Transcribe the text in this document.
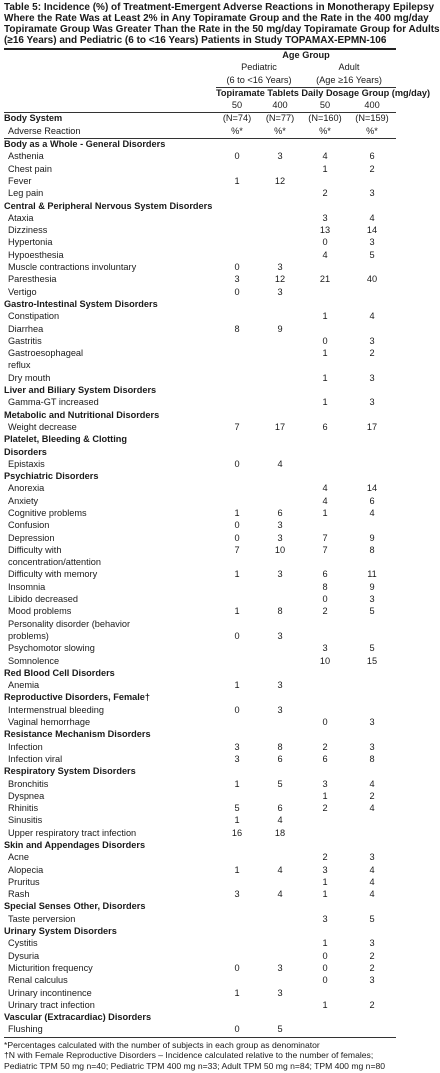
Table 5: Incidence (%) of Treatment-Emergent Adverse Reactions in Monotherapy Epilepsy
Where the Rate Was at Least 2% in Any Topiramate Group and the Rate in the 400 mg/day
Topiramate Group Was Greater Than the Rate in the 50 mg/day Topiramate Group for Adults
(≥16 Years) and Pediatric (6 to <16 Years) Patients in Study TOPAMAX-EPMN-106
	Age Group			
	Pediatric		Adult	
	(6 to <16 Years)		(Age ≥16 Years)	
	Topiramate Tablets Daily Dosage Group (mg/day)			
	50	400	50	400
Body System	(N=74)	(N=77)	(N=160)	(N=159)
Adverse Reaction	%*	%*	%*	%*
Body as a Whole - General Disorders				
Asthenia	0	3	4	6
Chest pain			1	2
Fever	1	12		
Leg pain			2	3
Central & Peripheral Nervous System Disorders				
Ataxia			3	4
Dizziness			13	14
Hypertonia			0	3
Hypoesthesia			4	5
Muscle contractions involuntary	0	3		
Paresthesia	3	12	21	40
Vertigo	0	3		
Gastro-Intestinal System Disorders				
Constipation			1	4
Diarrhea	8	9		
Gastritis			0	3
Gastroesophageal			1	2
reflux				
Dry mouth			1	3
Liver and Biliary System Disorders				
Gamma-GT increased			1	3
Metabolic and Nutritional Disorders				
Weight decrease	7	17	6	17
Platelet, Bleeding & Clotting				
Disorders				
Epistaxis	0	4		
Psychiatric Disorders				
Anorexia			4	14
Anxiety			4	6
Cognitive problems	1	6	1	4
Confusion	0	3		
Depression	0	3	7	9
Difficulty with	7	10	7	8
concentration/attention				
Difficulty with memory	1	3	6	11
Insomnia			8	9
Libido decreased			0	3
Mood problems	1	8	2	5
Personality disorder (behavior				
problems)	0	3		
Psychomotor slowing			3	5
Somnolence			10	15
Red Blood Cell Disorders				
Anemia	1	3		
Reproductive Disorders, Female†				
Intermenstrual bleeding	0	3		
Vaginal hemorrhage			0	3
Resistance Mechanism Disorders				
Infection	3	8	2	3
Infection viral	3	6	6	8
Respiratory System Disorders				
Bronchitis	1	5	3	4
Dyspnea			1	2
Rhinitis	5	6	2	4
Sinusitis	1	4		
Upper respiratory tract infection	16	18		
Skin and Appendages Disorders				
Acne			2	3
Alopecia	1	4	3	4
Pruritus			1	4
Rash	3	4	1	4
Special Senses Other, Disorders				
Taste perversion			3	5
Urinary System Disorders				
Cystitis			1	3
Dysuria			0	2
Micturition frequency	0	3	0	2
Renal calculus			0	3
Urinary incontinence	1	3		
Urinary tract infection			1	2
Vascular (Extracardiac) Disorders				
Flushing	0	5		
*Percentages calculated with the number of subjects in each group as denominator
†N with Female Reproductive Disorders – Incidence calculated relative to the number of females;
Pediatric TPM 50 mg n=40; Pediatric TPM 400 mg n=33; Adult TPM 50 mg n=84; TPM 400 mg n=80
